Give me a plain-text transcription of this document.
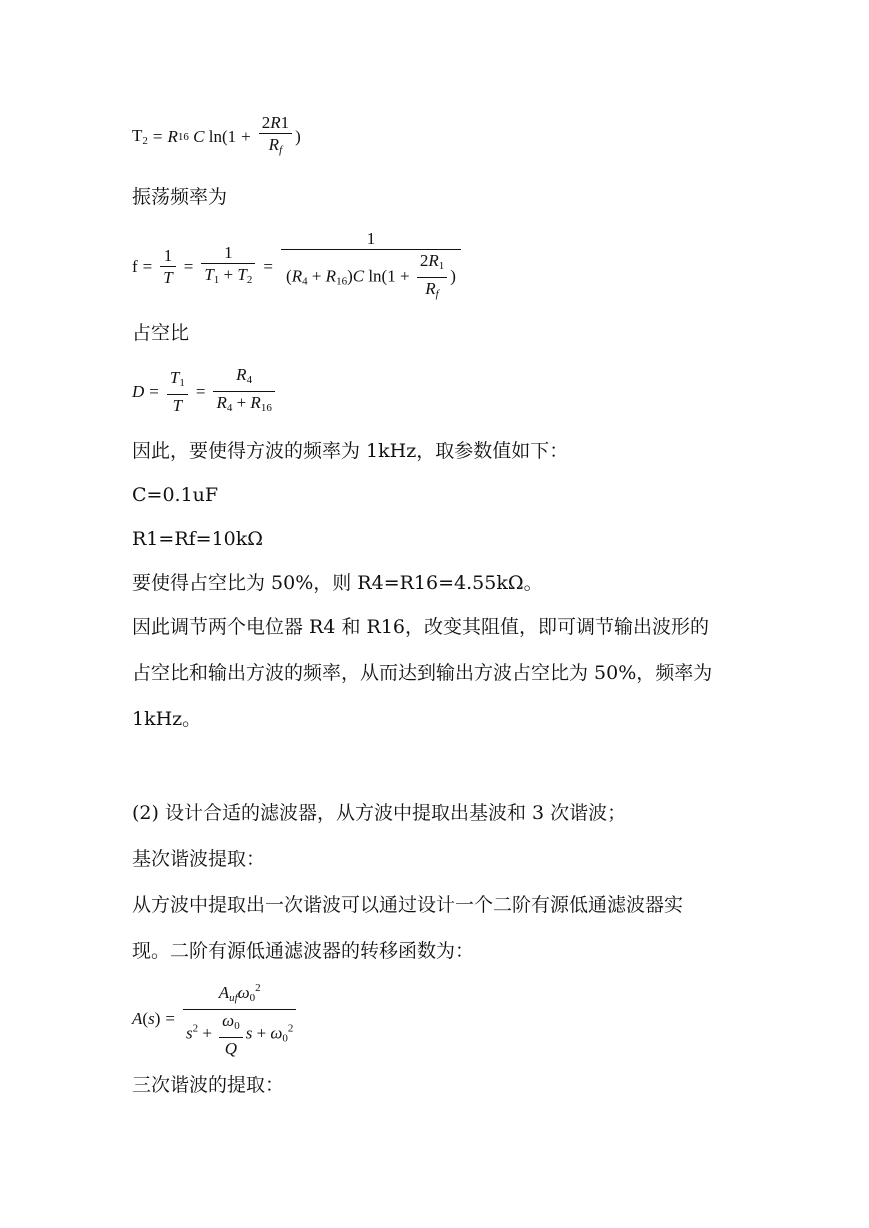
$T_2 = R$ 16 C $\ln(1 + \frac{2R1}{R_f}$ )
振荡频率为
$f = \frac{1}{T} = \frac{1}{T_1 + T_2} = \frac{1}{(R_4 + R_{16})C \ln(1 + \frac{2R_1}{R_f} )}$
占空比
$D = \frac{T_1}{T} = \frac{R_4}{R_4 + R_{16}}$
因此，要使得方波的频率为 1kHz，取参数值如下：
C=0.1uF
R1=Rf=10kΩ
要使得占空比为 50%，则 R4=R16=4.55kΩ。
因此调节两个电位器 R4 和 R16，改变其阻值，即可调节输出波形的
占空比和输出方波的频率，从而达到输出方波占空比为 50%，频率为
1kHz。
(2) 设计合适的滤波器，从方波中提取出基波和 3 次谐波；
基次谐波提取：
从方波中提取出一次谐波可以通过设计一个二阶有源低通滤波器实
现。二阶有源低通滤波器的转移函数为：
A ( s ) = $\frac{A_{uf}\omega_0^2}{s^2 + \frac{\omega_0}{Q} s + \omega_0^2}$
三次谐波的提取：
